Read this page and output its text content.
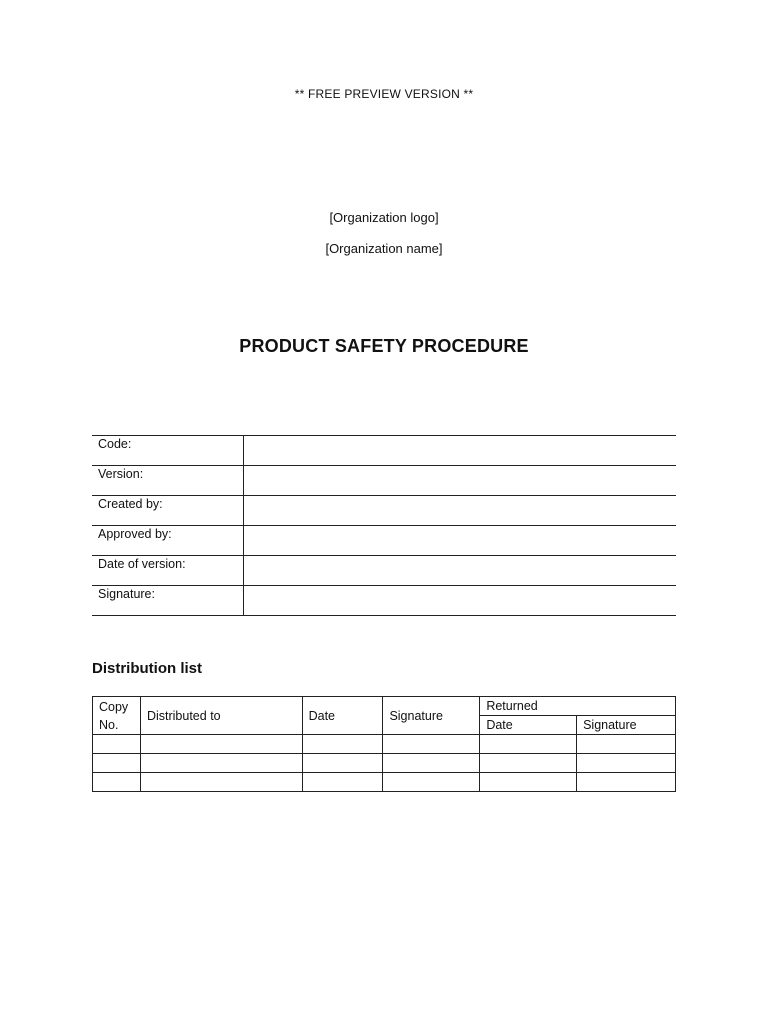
** FREE PREVIEW VERSION **
[Organization logo]
[Organization name]
PRODUCT SAFETY PROCEDURE
Code:	
Version:	
Created by:	
Approved by:	
Date of version:	
Signature:	
Distribution list
Copy
No.	Distributed to	Date	Signature	Returned	
				Date	Signature
